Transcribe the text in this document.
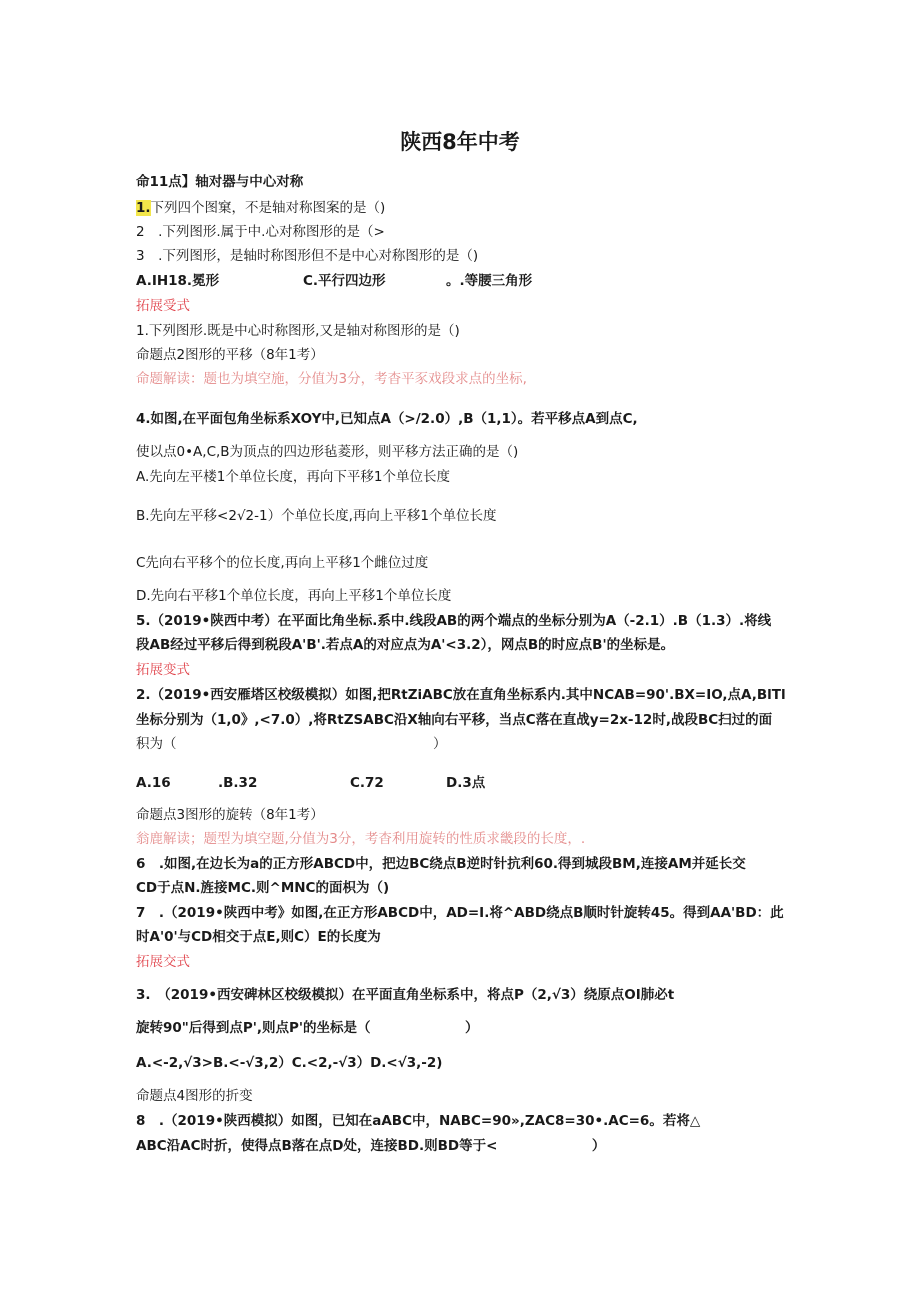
陕西8年中考
命11点】轴对器与中心对称
1.下列四个图窠，不是轴对称图案的是（)
2　.下列图形.属于中.心对称图形的是（>
3　.下列图形，是轴时称图形但不是中心对称图形的是（)
A.IH18.冕形	C.平行四边形	。.等腰三角形
拓展受式
1.下列图形.既是中心时称图形,又是轴对称图形的是（)
命题点2图形的平移（8年1考）
命题解读：题也为填空施，分值为3分，考杳平豕戏段求点的坐标,
4.如图,在平面包角坐标系XOY中,已知点A（>/2.0）,B（1,1）。若平移点A到点C,
使以点0•A,C,B为顶点的四边形毡菱形，则平移方法正确的是（)
A.先向左平楼1个单位长度，再向下平移1个单位长度
B.先向左平移<2√2-1）个单位长度,再向上平移1个单位长度
C先向右平移个的位长度,再向上平移1个雌位过度
D.先向右平移1个单位长度，再向上平移1个单位长度
5.（2019•陕西中考）在平面比角坐标.系中.线段AB的两个端点的坐标分别为A（-2.1）.B（1.3）.将线
段AB经过平移后得到税段A'B'.若点A的对应点为A'<3.2），网点B的时应点B'的坐标是。
拓展变式
2.（2019•西安雁塔区校级模拟）如图,把RtZiABC放在直角坐标系内.其中NCAB=90'.BX=IO,点A,BlTl
坐标分别为（1,0》,<7.0）,将RtZSABC沿X轴向右平移，当点C落在直战y=2x-12时,战段BC扫过的面
积为（　　　　　　　　　　　　　　　　　　　）
A.16	.B.32	C.72	D.3点
命题点3图形的旋转（8年1考）
翁鹿解读；题型为填空题,分值为3分，考杳利用旋转的性质求畿段的长度，.
6　.如图,在边长为a的正方形ABCD中，把边BC绕点B逆时针抗利60.得到城段BM,连接AM并延长交
CD于点N.旌接MC.则^MNC的面枳为（)
7　.（2019•陕西中考》如图,在正方形ABCD中，AD=I.将^ABD绕点B顺时针旋转45。得到AA'BD：此
时A'0'与CD相交于点E,则C）E的长度为
拓展交式
3.　（2019•西安碑林区校级模拟）在平面直角坐标系中，将点P（2,√3）绕原点OI肺必t
旋转90"后得到点P',则点P'的坐标是（　　　　　　　）
A.<-2,√3>B.<-√3,2）C.<2,-√3）D.<√3,-2)
命题点4图形的折变
8　.（2019•陕西模拟）如图，已知在aABC中，NABC=90»,ZAC8=30•.AC=6。若将△
ABC沿AC时折，使得点B落在点D处，连接BD.则BD等于<　　　　　　　）
